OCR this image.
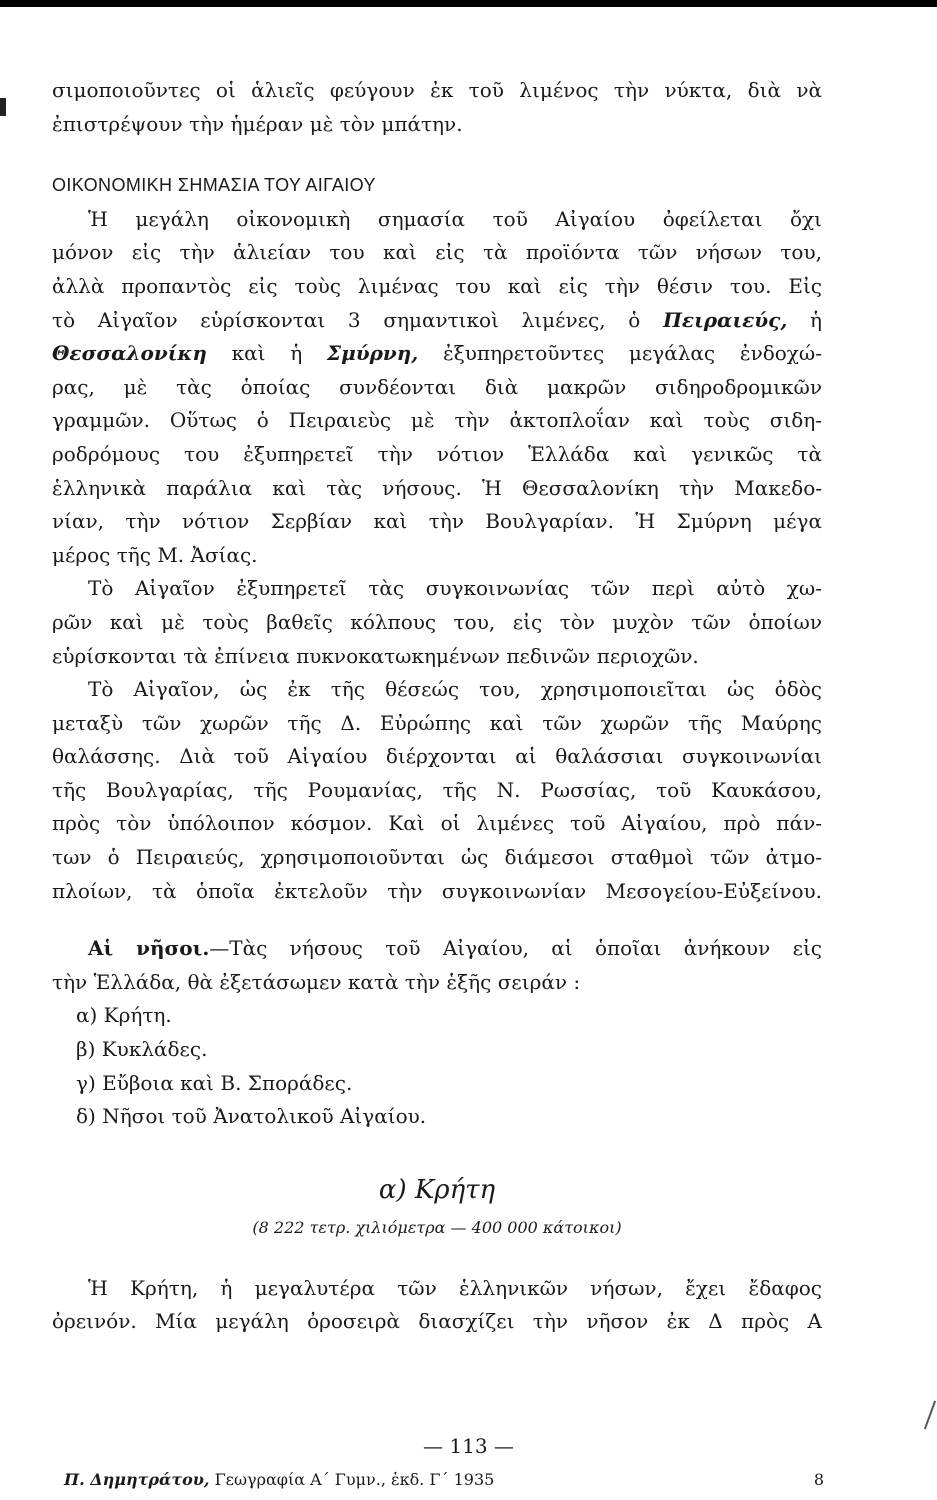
σιμοποιοῦντες οἱ ἁλιεῖς φεύγουν ἐκ τοῦ λιμένος τὴν νύκτα, διὰ νὰ
ἐπιστρέψουν τὴν ἡμέραν μὲ τὸν μπάτην.
ΟΙΚΟΝΟΜΙΚΗ ΣΗΜΑΣΙΑ ΤΟΥ ΑΙΓΑΙΟΥ
Ἡ μεγάλη οἰκονομικὴ σημασία τοῦ Αἰγαίου ὀφείλεται ὄχι
μόνον εἰς τὴν ἁλιείαν του καὶ εἰς τὰ προϊόντα τῶν νήσων του,
ἀλλὰ προπαντὸς εἰς τοὺς λιμένας του καὶ εἰς τὴν θέσιν του. Εἰς
τὸ Αἰγαῖον εὑρίσκονται 3 σημαντικοὶ λιμένες, ὁ Πειραιεύς, ἡ
Θεσσαλονίκη καὶ ἡ Σμύρνη, ἐξυπηρετοῦντες μεγάλας ἐνδοχώ-
ρας, μὲ τὰς ὁποίας συνδέονται διὰ μακρῶν σιδηροδρομικῶν
γραμμῶν. Οὕτως ὁ Πειραιεὺς μὲ τὴν ἀκτοπλοΐαν καὶ τοὺς σιδη-
ροδρόμους του ἐξυπηρετεῖ τὴν νότιον Ἑλλάδα καὶ γενικῶς τὰ
ἑλληνικὰ παράλια καὶ τὰς νήσους. Ἡ Θεσσαλονίκη τὴν Μακεδο-
νίαν, τὴν νότιον Σερβίαν καὶ τὴν Βουλγαρίαν. Ἡ Σμύρνη μέγα
μέρος τῆς Μ. Ἀσίας.
Τὸ Αἰγαῖον ἐξυπηρετεῖ τὰς συγκοινωνίας τῶν περὶ αὐτὸ χω-
ρῶν καὶ μὲ τοὺς βαθεῖς κόλπους του, εἰς τὸν μυχὸν τῶν ὁποίων
εὑρίσκονται τὰ ἐπίνεια πυκνοκατωκημένων πεδινῶν περιοχῶν.
Τὸ Αἰγαῖον, ὡς ἐκ τῆς θέσεώς του, χρησιμοποιεῖται ὡς ὁδὸς
μεταξὺ τῶν χωρῶν τῆς Δ. Εὐρώπης καὶ τῶν χωρῶν τῆς Μαύρης
θαλάσσης. Διὰ τοῦ Αἰγαίου διέρχονται αἱ θαλάσσιαι συγκοινωνίαι
τῆς Βουλγαρίας, τῆς Ρουμανίας, τῆς Ν. Ρωσσίας, τοῦ Καυκάσου,
πρὸς τὸν ὑπόλοιπον κόσμον. Καὶ οἱ λιμένες τοῦ Αἰγαίου, πρὸ πάν-
των ὁ Πειραιεύς, χρησιμοποιοῦνται ὡς διάμεσοι σταθμοὶ τῶν ἀτμο-
πλοίων, τὰ ὁποῖα ἐκτελοῦν τὴν συγκοινωνίαν Μεσογείου-Εὐξείνου.
Αἱ νῆσοι.—Τὰς νήσους τοῦ Αἰγαίου, αἱ ὁποῖαι ἀνήκουν εἰς
τὴν Ἑλλάδα, θὰ ἐξετάσωμεν κατὰ τὴν ἑξῆς σειράν :
α) Κρήτη.
β) Κυκλάδες.
γ) Εὔβοια καὶ Β. Σποράδες.
δ) Νῆσοι τοῦ Ἀνατολικοῦ Αἰγαίου.
α) Κρήτη
(8 222 τετρ. χιλιόμετρα — 400 000 κάτοικοι)
Ἡ Κρήτη, ἡ μεγαλυτέρα τῶν ἑλληνικῶν νήσων, ἔχει ἔδαφος
ὀρεινόν. Μία μεγάλη ὀροσειρὰ διασχίζει τὴν νῆσον ἐκ Δ πρὸς Α
— 113 —
Π. Δημητράτου, Γεωγραφία Α΄ Γυμν., ἐκδ. Γ΄ 1935	8
